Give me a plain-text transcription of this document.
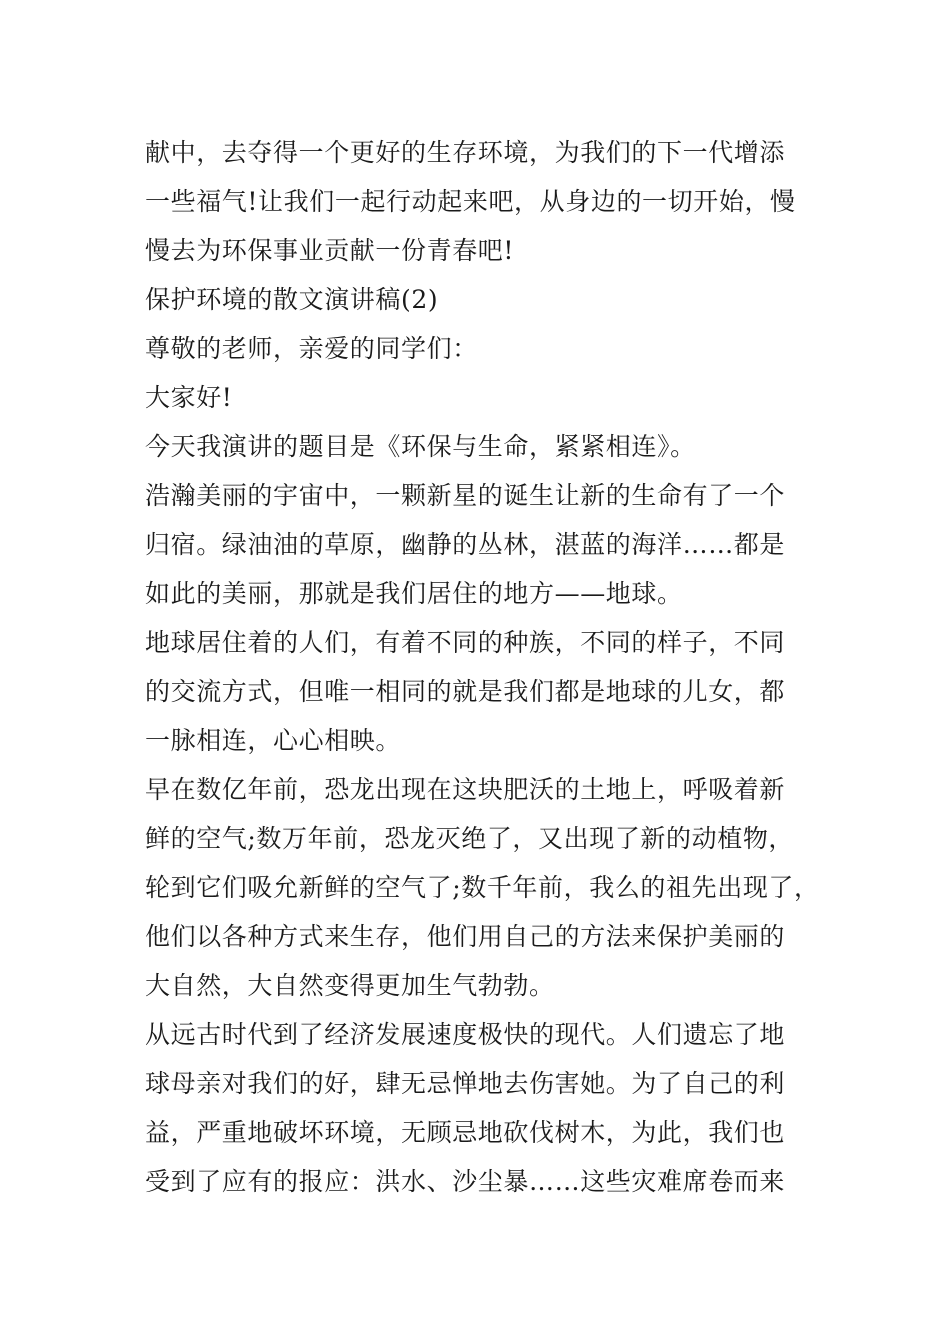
献中，去夺得一个更好的生存环境，为我们的下一代增添
一些福气!让我们一起行动起来吧，从身边的一切开始，慢
慢去为环保事业贡献一份青春吧!
保护环境的散文演讲稿(2)
尊敬的老师，亲爱的同学们：
大家好!
今天我演讲的题目是《环保与生命，紧紧相连》。
浩瀚美丽的宇宙中，一颗新星的诞生让新的生命有了一个
归宿。绿油油的草原，幽静的丛林，湛蓝的海洋……都是
如此的美丽，那就是我们居住的地方——地球。
地球居住着的人们，有着不同的种族，不同的样子，不同
的交流方式，但唯一相同的就是我们都是地球的儿女，都
一脉相连，心心相映。
早在数亿年前，恐龙出现在这块肥沃的土地上，呼吸着新
鲜的空气;数万年前，恐龙灭绝了，又出现了新的动植物，
轮到它们吸允新鲜的空气了;数千年前，我么的祖先出现了，
他们以各种方式来生存，他们用自己的方法来保护美丽的
大自然，大自然变得更加生气勃勃。
从远古时代到了经济发展速度极快的现代。人们遗忘了地
球母亲对我们的好，肆无忌惮地去伤害她。为了自己的利
益，严重地破坏环境，无顾忌地砍伐树木，为此，我们也
受到了应有的报应：洪水、沙尘暴……这些灾难席卷而来
